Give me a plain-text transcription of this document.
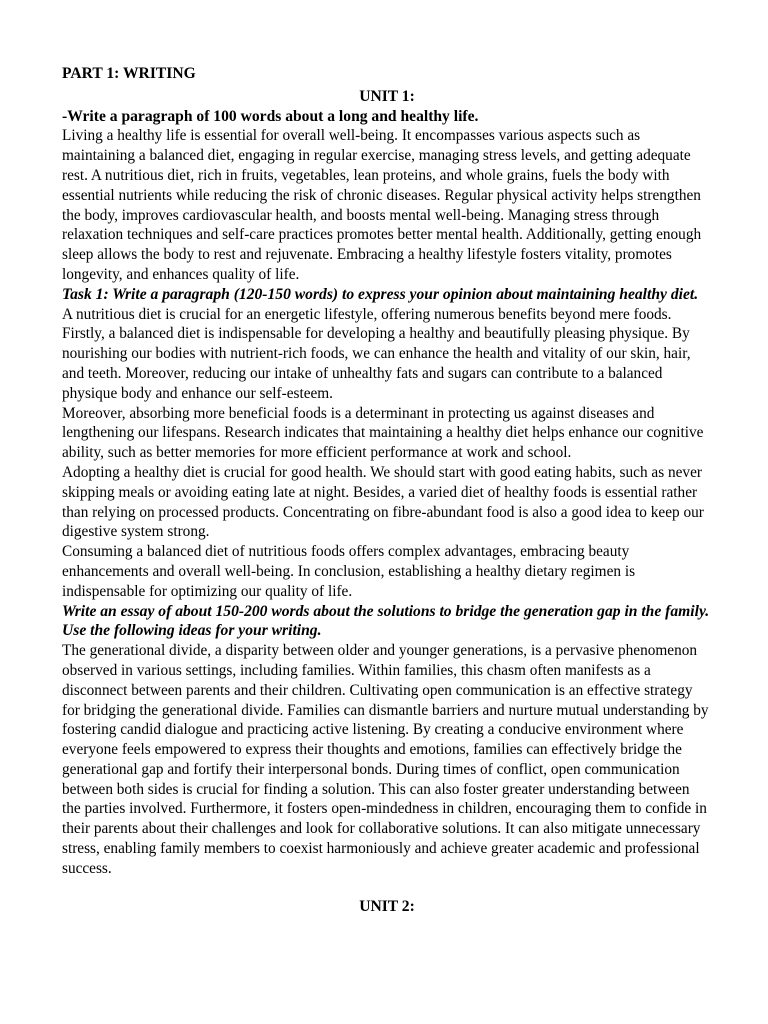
PART 1: WRITING
UNIT 1:
-Write a paragraph of 100 words about a long and healthy life.

Living a healthy life is essential for overall well-being. It encompasses various aspects such as maintaining a balanced diet, engaging in regular exercise, managing stress levels, and getting adequate rest. A nutritious diet, rich in fruits, vegetables, lean proteins, and whole grains, fuels the body with essential nutrients while reducing the risk of chronic diseases. Regular physical activity helps strengthen the body, improves cardiovascular health, and boosts mental well-being. Managing stress through relaxation techniques and self-care practices promotes better mental health. Additionally, getting enough sleep allows the body to rest and rejuvenate. Embracing a healthy lifestyle fosters vitality, promotes longevity, and enhances quality of life.

Task 1: Write a paragraph (120-150 words) to express your opinion about maintaining healthy diet.

A nutritious diet is crucial for an energetic lifestyle, offering numerous benefits beyond mere foods.

Firstly, a balanced diet is indispensable for developing a healthy and beautifully pleasing physique. By nourishing our bodies with nutrient-rich foods, we can enhance the health and vitality of our skin, hair, and teeth. Moreover, reducing our intake of unhealthy fats and sugars can contribute to a balanced physique body and enhance our self-esteem.

Moreover, absorbing more beneficial foods is a determinant in protecting us against diseases and lengthening our lifespans. Research indicates that maintaining a healthy diet helps enhance our cognitive ability, such as better memories for more efficient performance at work and school.

Adopting a healthy diet is crucial for good health. We should start with good eating habits, such as never skipping meals or avoiding eating late at night. Besides, a varied diet of healthy foods is essential rather than relying on processed products. Concentrating on fibre-abundant food is also a good idea to keep our digestive system strong.

Consuming a balanced diet of nutritious foods offers complex advantages, embracing beauty enhancements and overall well-being. In conclusion, establishing a healthy dietary regimen is indispensable for optimizing our quality of life.

Write an essay of about 150-200 words about the solutions to bridge the generation gap in the family. Use the following ideas for your writing.

The generational divide, a disparity between older and younger generations, is a pervasive phenomenon observed in various settings, including families. Within families, this chasm often manifests as a disconnect between parents and their children. Cultivating open communication is an effective strategy for bridging the generational divide. Families can dismantle barriers and nurture mutual understanding by fostering candid dialogue and practicing active listening. By creating a conducive environment where everyone feels empowered to express their thoughts and emotions, families can effectively bridge the generational gap and fortify their interpersonal bonds. During times of conflict, open communication between both sides is crucial for finding a solution. This can also foster greater understanding between the parties involved. Furthermore, it fosters open-mindedness in children, encouraging them to confide in their parents about their challenges and look for collaborative solutions. It can also mitigate unnecessary stress, enabling family members to coexist harmoniously and achieve greater academic and professional success.

UNIT 2:
